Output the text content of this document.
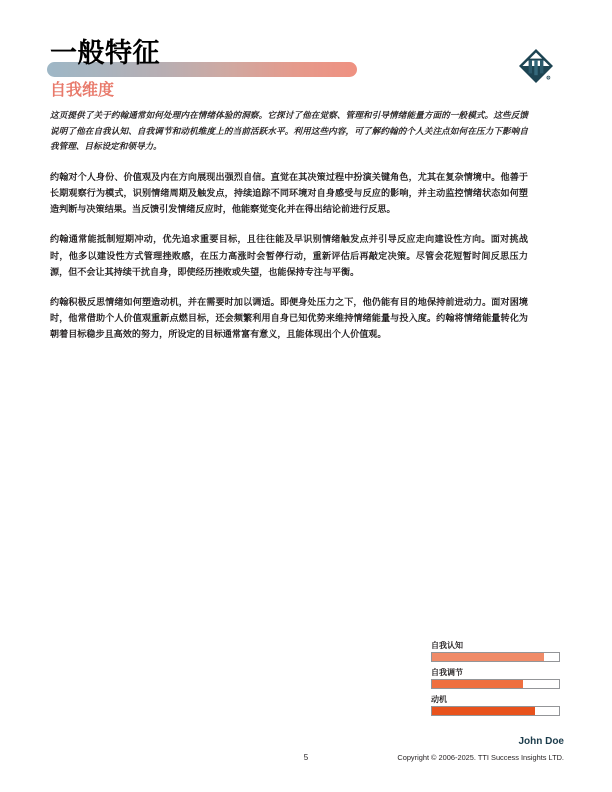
一般特征
自我维度
R

这页提供了关于约翰通常如何处理内在情绪体验的洞察。它探讨了他在觉察、管理和引导情绪能量方面的一般模式。这些反馈说明了他在自我认知、自我调节和动机维度上的当前活跃水平。利用这些内容，可了解约翰的个人关注点如何在压力下影响自我管理、目标设定和领导力。

约翰对个人身份、价值观及内在方向展现出强烈自信。直觉在其决策过程中扮演关键角色，尤其在复杂情境中。他善于长期观察行为模式，识别情绪周期及触发点，持续追踪不同环境对自身感受与反应的影响，并主动监控情绪状态如何塑造判断与决策结果。当反馈引发情绪反应时，他能察觉变化并在得出结论前进行反思。

约翰通常能抵制短期冲动，优先追求重要目标，且往往能及早识别情绪触发点并引导反应走向建设性方向。面对挑战时，他多以建设性方式管理挫败感，在压力高涨时会暂停行动，重新评估后再敲定决策。尽管会花短暂时间反思压力源，但不会让其持续干扰自身，即使经历挫败或失望，也能保持专注与平衡。

约翰积极反思情绪如何塑造动机，并在需要时加以调适。即便身处压力之下，他仍能有目的地保持前进动力。面对困境时，他常借助个人价值观重新点燃目标，还会频繁利用自身已知优势来维持情绪能量与投入度。约翰将情绪能量转化为朝着目标稳步且高效的努力，所设定的目标通常富有意义，且能体现出个人价值观。

自我认知
自我调节
动机
John Doe
Copyright © 2006-2025. TTI Success Insights LTD.
5
